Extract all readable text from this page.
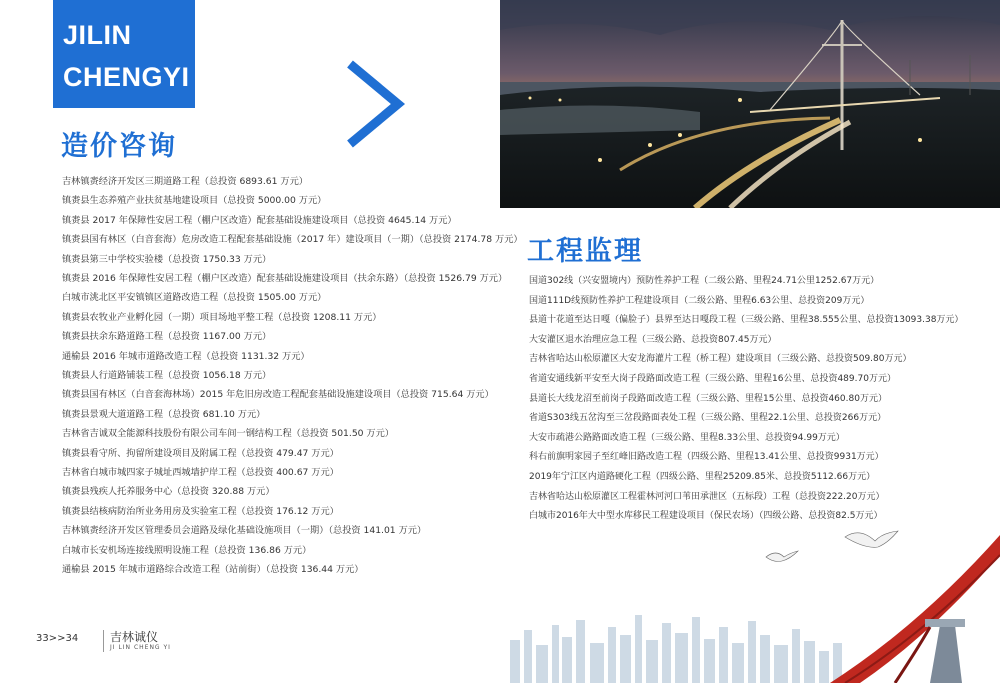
JILIN
CHENGYI
造价咨询
吉林镇赉经济开发区三期道路工程（总投资 6893.61 万元）
镇赉县生态养殖产业扶贫基地建设项目（总投资 5000.00 万元）
镇赉县 2017 年保障性安居工程（棚户区改造）配套基础设施建设项目（总投资 4645.14 万元）
镇赉县国有林区（白音套海）危房改造工程配套基础设施（2017 年）建设项目（一期）（总投资 2174.78 万元）
镇赉县第三中学校实验楼（总投资 1750.33 万元）
镇赉县 2016 年保障性安居工程（棚户区改造）配套基础设施建设项目（扶余东路）（总投资 1526.79 万元）
白城市洮北区平安镇镇区道路改造工程（总投资 1505.00 万元）
镇赉县农牧业产业孵化园（一期）项目场地平整工程（总投资 1208.11 万元）
镇赉县扶余东路道路工程（总投资 1167.00 万元）
通榆县 2016 年城市道路改造工程（总投资 1131.32 万元）
镇赉县人行道路铺装工程（总投资 1056.18 万元）
镇赉县国有林区（白音套海林场）2015 年危旧房改造工程配套基础设施建设项目（总投资 715.64 万元）
镇赉县景观大道道路工程（总投资 681.10 万元）
吉林省吉诚双全能源科技股份有限公司车间一钢结构工程（总投资 501.50 万元）
镇赉县看守所、拘留所建设项目及附属工程（总投资 479.47 万元）
吉林省白城市城四家子城址西城墙护岸工程（总投资 400.67 万元）
镇赉县残疾人托养服务中心（总投资 320.88 万元）
镇赉县结核病防治所业务用房及实验室工程（总投资 176.12 万元）
吉林镇赉经济开发区管理委员会道路及绿化基础设施项目（一期）（总投资 141.01 万元）
白城市长安机场连接线照明设施工程（总投资 136.86 万元）
通榆县 2015 年城市道路综合改造工程（站前街）（总投资 136.44 万元）
工程监理
国道302线（兴安盟境内）预防性养护工程（二级公路、里程24.71公里1252.67万元）
国道111D线预防性养护工程建设项目（二级公路、里程6.63公里、总投资209万元）
县道十花道至达日嘎（偏脸子）县界至达日嘎段工程（三级公路、里程38.555公里、总投资13093.38万元）
大安灌区退水治理应急工程（三级公路、总投资807.45万元）
吉林省哈达山松原灌区大安龙海灌片工程（桥工程）建设项目（三级公路、总投资509.80万元）
省道安通线新平安至大岗子段路面改造工程（三级公路、里程16公里、总投资489.70万元）
县道长大线龙沼至前岗子段路面改造工程（三级公路、里程15公里、总投资460.80万元）
省道S303线五岔沟至三岔段路面表处工程（三级公路、里程22.1公里、总投资266万元）
大安市疏港公路路面改造工程（三级公路、里程8.33公里、总投资94.99万元）
科右前旗明家园子至红峰旧路改造工程（四级公路、里程13.41公里、总投资9931万元）
2019年宁江区内道路硬化工程（四级公路、里程25209.85米、总投资5112.66万元）
吉林省哈达山松原灌区工程霍林河河口苇田承泄区（五标段）工程（总投资222.20万元）
白城市2016年大中型水库移民工程建设项目（保民农场）（四级公路、总投资82.5万元）
33>>34	吉林诚仪
JI LIN CHENG YI
